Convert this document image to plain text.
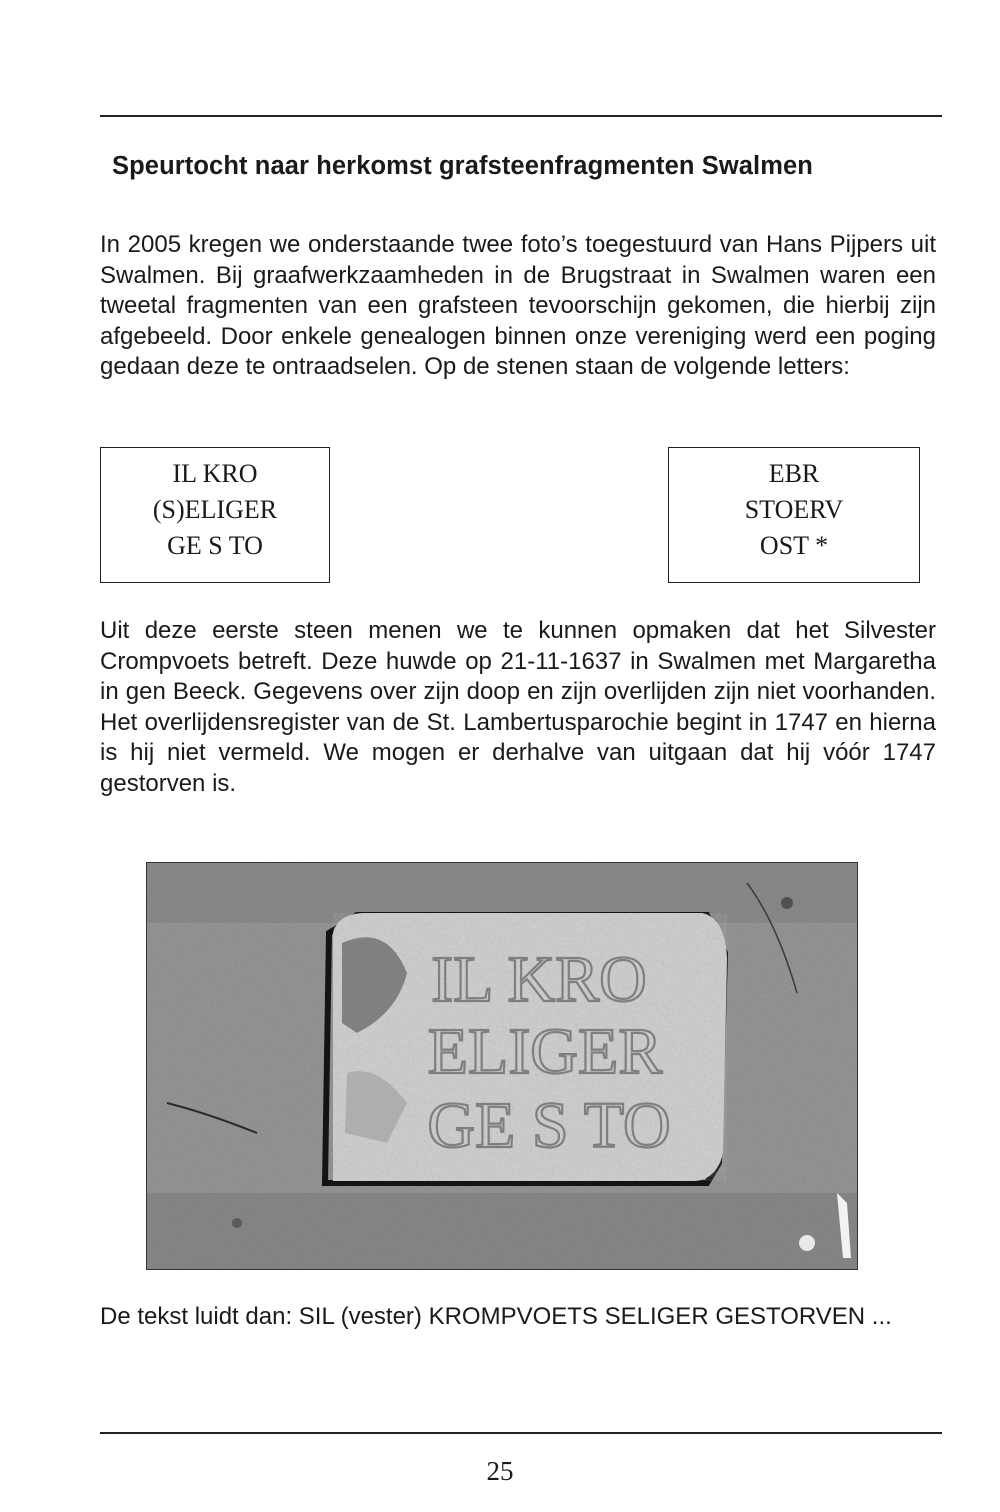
Speurtocht naar herkomst grafsteenfragmenten Swalmen

In 2005 kregen we onderstaande twee foto’s toegestuurd van Hans Pijpers uit Swalmen. Bij graafwerkzaamheden in de Brugstraat in Swalmen waren een tweetal fragmenten van een grafsteen tevoorschijn gekomen, die hierbij zijn afgebeeld. Door enkele genealogen binnen onze vereniging werd een poging gedaan deze te ontraadselen. Op de stenen staan de volgende letters:

IL KRO
(S)ELIGER
GE S TO
EBR
STOERV
OST *

Uit deze eerste steen menen we te kunnen opmaken dat het Silvester Crompvoets betreft. Deze huwde op 21-11-1637 in Swalmen met Margaretha in gen Beeck. Gegevens over zijn doop en zijn overlijden zijn niet voorhanden. Het overlijdensregister van de St. Lambertusparochie begint in 1747 en hierna is hij niet vermeld. We mogen er derhalve van uitgaan dat hij vóór 1747 gestorven is.

IL KRO
ELIGER
GE S TO

De tekst luidt dan: SIL (vester) KROMPVOETS SELIGER GESTORVEN ...

25
